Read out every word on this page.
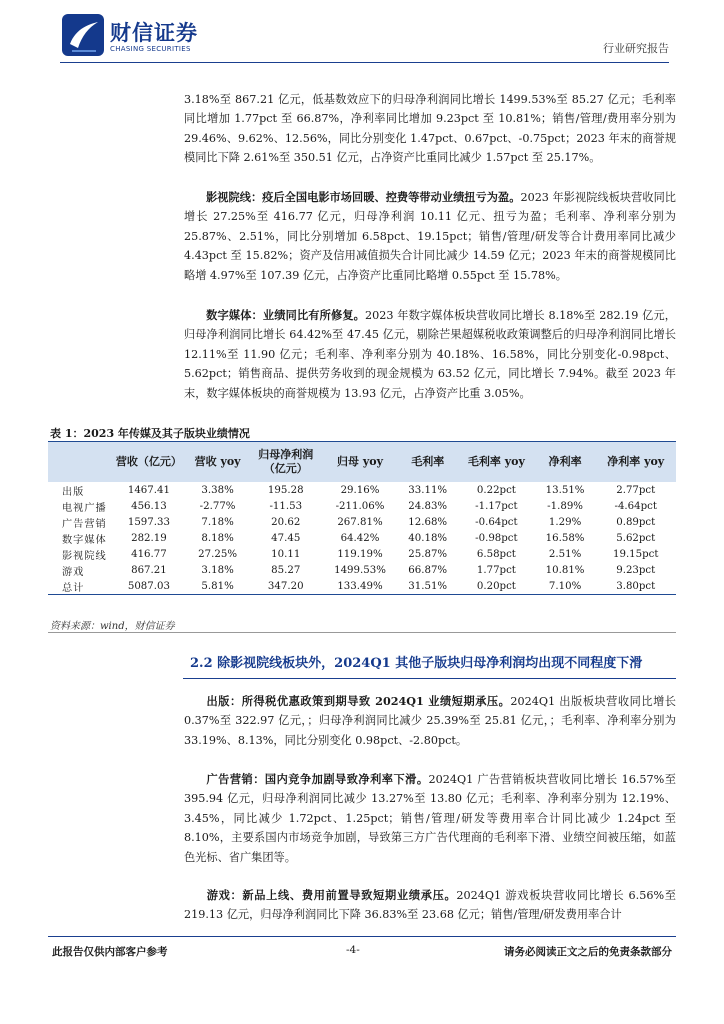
财信证券
CHASING SECURITIES	行业研究报告
3.18%至 867.21 亿元，低基数效应下的归母净利润同比增长 1499.53%至 85.27 亿元；毛利率同比增加 1.77pct 至 66.87%，净利率同比增加 9.23pct 至 10.81%；销售/管理/费用率分别为 29.46%、9.62%、12.56%，同比分别变化 1.47pct、0.67pct、-0.75pct；2023 年末的商誉规模同比下降 2.61%至 350.51 亿元，占净资产比重同比减少 1.57pct 至 25.17%。
影视院线：疫后全国电影市场回暖、控费等带动业绩扭亏为盈。2023 年影视院线板块营收同比增长 27.25%至 416.77 亿元，归母净利润 10.11 亿元、扭亏为盈；毛利率、净利率分别为 25.87%、2.51%，同比分别增加 6.58pct、19.15pct；销售/管理/研发等合计费用率同比减少 4.43pct 至 15.82%；资产及信用减值损失合计同比减少 14.59 亿元；2023 年末的商誉规模同比略增 4.97%至 107.39 亿元，占净资产比重同比略增 0.55pct 至 15.78%。
数字媒体：业绩同比有所修复。2023 年数字媒体板块营收同比增长 8.18%至 282.19 亿元，归母净利润同比增长 64.42%至 47.45 亿元，剔除芒果超媒税收政策调整后的归母净利润同比增长 12.11%至 11.90 亿元；毛利率、净利率分别为 40.18%、16.58%，同比分别变化-0.98pct、5.62pct；销售商品、提供劳务收到的现金规模为 63.52 亿元，同比增长 7.94%。截至 2023 年末，数字媒体板块的商誉规模为 13.93 亿元，占净资产比重 3.05%。
表 1：2023 年传媒及其子版块业绩情况
	营收（亿元）	营收 yoy	归母净利润（亿元）	归母 yoy	毛利率	毛利率 yoy	净利率	净利率 yoy
出版	1467.41	3.38%	195.28	29.16%	33.11%	0.22pct	13.51%	2.77pct
电视广播	456.13	-2.77%	-11.53	-211.06%	24.83%	-1.17pct	-1.89%	-4.64pct
广告营销	1597.33	7.18%	20.62	267.81%	12.68%	-0.64pct	1.29%	0.89pct
数字媒体	282.19	8.18%	47.45	64.42%	40.18%	-0.98pct	16.58%	5.62pct
影视院线	416.77	27.25%	10.11	119.19%	25.87%	6.58pct	2.51%	19.15pct
游戏	867.21	3.18%	85.27	1499.53%	66.87%	1.77pct	10.81%	9.23pct
总计	5087.03	5.81%	347.20	133.49%	31.51%	0.20pct	7.10%	3.80pct
资料来源：wind，财信证券
2.2 除影视院线板块外，2024Q1 其他子版块归母净利润均出现不同程度下滑
出版：所得税优惠政策到期导致 2024Q1 业绩短期承压。2024Q1 出版板块营收同比增长 0.37%至 322.97 亿元，；归母净利润同比减少 25.39%至 25.81 亿元，；毛利率、净利率分别为 33.19%、8.13%，同比分别变化 0.98pct、-2.80pct。
广告营销：国内竞争加剧导致净利率下滑。2024Q1 广告营销板块营收同比增长 16.57%至 395.94 亿元，归母净利润同比减少 13.27%至 13.80 亿元；毛利率、净利率分别为 12.19%、3.45%，同比减少 1.72pct、1.25pct；销售/管理/研发等费用率合计同比减少 1.24pct 至 8.10%，主要系国内市场竞争加剧，导致第三方广告代理商的毛利率下滑、业绩空间被压缩，如蓝色光标、省广集团等。
游戏：新品上线、费用前置导致短期业绩承压。2024Q1 游戏板块营收同比增长 6.56%至 219.13 亿元，归母净利润同比下降 36.83%至 23.68 亿元；销售/管理/研发费用率合计
此报告仅供内部客户参考	-4-	请务必阅读正文之后的免责条款部分
